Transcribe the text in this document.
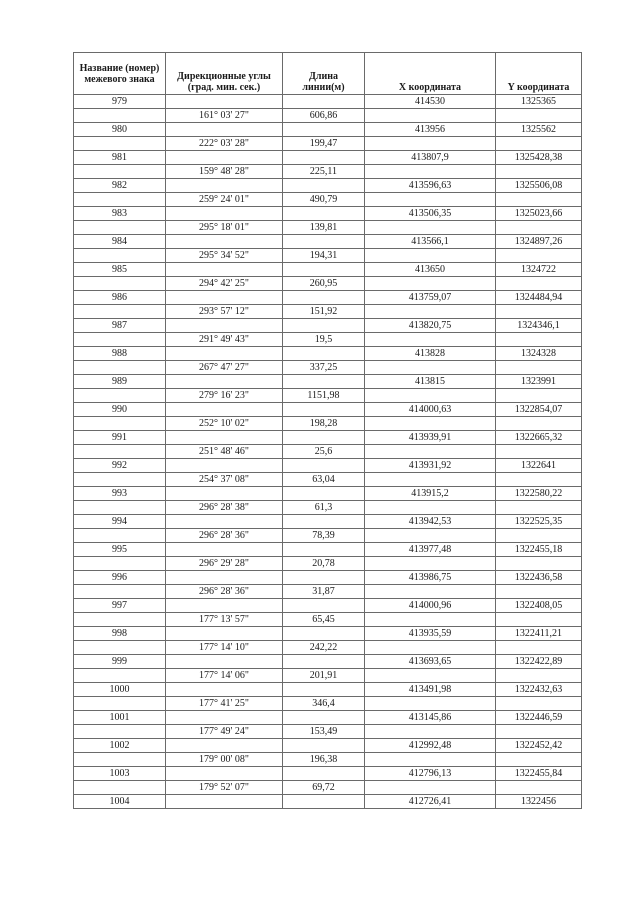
Название (номер) межевого знака	Дирекционные углы (град. мин. сек.)	Длина линии(м)	X координата	Y координата
979			414530	1325365
	161° 03' 27"	606,86		
980			413956	1325562
	222° 03' 28"	199,47		
981			413807,9	1325428,38
	159° 48' 28"	225,11		
982			413596,63	1325506,08
	259° 24' 01"	490,79		
983			413506,35	1325023,66
	295° 18' 01"	139,81		
984			413566,1	1324897,26
	295° 34' 52"	194,31		
985			413650	1324722
	294° 42' 25"	260,95		
986			413759,07	1324484,94
	293° 57' 12"	151,92		
987			413820,75	1324346,1
	291° 49' 43"	19,5		
988			413828	1324328
	267° 47' 27"	337,25		
989			413815	1323991
	279° 16' 23"	1151,98		
990			414000,63	1322854,07
	252° 10' 02"	198,28		
991			413939,91	1322665,32
	251° 48' 46"	25,6		
992			413931,92	1322641
	254° 37' 08"	63,04		
993			413915,2	1322580,22
	296° 28' 38"	61,3		
994			413942,53	1322525,35
	296° 28' 36"	78,39		
995			413977,48	1322455,18
	296° 29' 28"	20,78		
996			413986,75	1322436,58
	296° 28' 36"	31,87		
997			414000,96	1322408,05
	177° 13' 57"	65,45		
998			413935,59	1322411,21
	177° 14' 10"	242,22		
999			413693,65	1322422,89
	177° 14' 06"	201,91		
1000			413491,98	1322432,63
	177° 41' 25"	346,4		
1001			413145,86	1322446,59
	177° 49' 24"	153,49		
1002			412992,48	1322452,42
	179° 00' 08"	196,38		
1003			412796,13	1322455,84
	179° 52' 07"	69,72		
1004			412726,41	1322456
